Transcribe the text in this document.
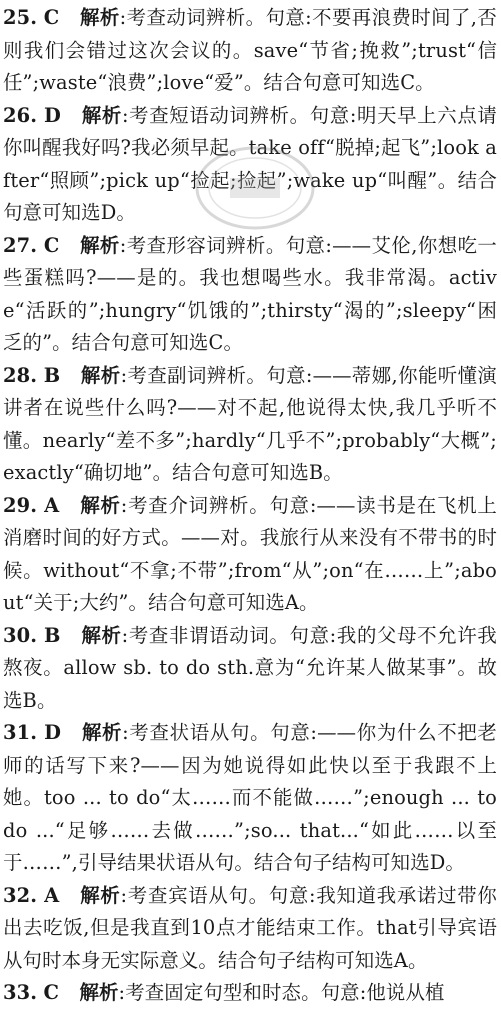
25. C 解析:考查动词辨析。句意:不要再浪费时间了,否则我们会错过这次会议的。save“节省;挽救”;trust“信任”;waste“浪费”;love“爱”。结合句意可知选C。
26. D 解析:考查短语动词辨析。句意:明天早上六点请你叫醒我好吗?我必须早起。take off“脱掉;起飞”;look after“照顾”;pick up“捡起;捡起”;wake up“叫醒”。结合句意可知选D。
27. C 解析:考查形容词辨析。句意:——艾伦,你想吃一些蛋糕吗?——是的。我也想喝些水。我非常渴。active“活跃的”;hungry“饥饿的”;thirsty“渴的”;sleepy“困乏的”。结合句意可知选C。
28. B 解析:考查副词辨析。句意:——蒂娜,你能听懂演讲者在说些什么吗?——对不起,他说得太快,我几乎听不懂。nearly“差不多”;hardly“几乎不”;probably“大概”;exactly“确切地”。结合句意可知选B。
29. A 解析:考查介词辨析。句意:——读书是在飞机上消磨时间的好方式。——对。我旅行从来没有不带书的时候。without“不拿;不带”;from“从”;on“在……上”;about“关于;大约”。结合句意可知选A。
30. B 解析:考查非谓语动词。句意:我的父母不允许我熬夜。allow sb. to do sth.意为“允许某人做某事”。故选B。
31. D 解析:考查状语从句。句意:——你为什么不把老师的话写下来?——因为她说得如此快以至于我跟不上她。too ... to do“太……而不能做……”;enough ... to do ...“足够……去做……”;so... that...“如此……以至于……”,引导结果状语从句。结合句子结构可知选D。
32. A 解析:考查宾语从句。句意:我知道我承诺过带你出去吃饭,但是我直到10点才能结束工作。that引导宾语从句时本身无实际意义。结合句子结构可知选A。
33. C 解析:考查固定句型和时态。句意:他说从植
